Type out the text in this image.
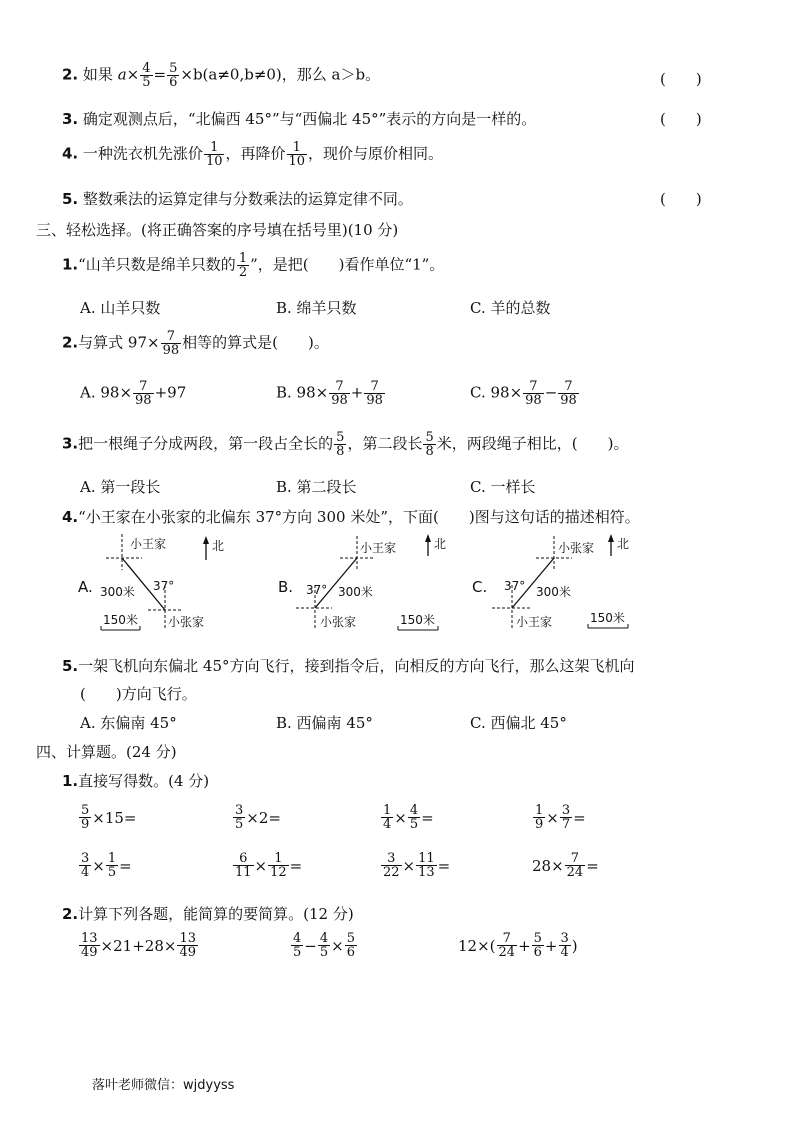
2. 如果 $a\times \frac{4}{5} = \frac{5}{6} \times b(a\ne 0,b\ne 0)$，那么 a＞b。	(　　)
3. 确定观测点后，“北偏西 45°”与“西偏北 45°”表示的方向是一样的。	(　　)
4. 一种洗衣机先涨价 $\frac{1}{10}$ ，再降价 $\frac{1}{10}$ ，现价与原价相同。
5. 整数乘法的运算定律与分数乘法的运算定律不同。	(　　)
三、轻松选择。(将正确答案的序号填在括号里)(10 分)
1.“山羊只数是绵羊只数的 $\frac{1}{2}$ ”，是把(　　)看作单位“1”。
A. 山羊只数	B. 绵羊只数	C. 羊的总数
2.与算式 $97\times \frac{7}{98}$ 相等的算式是(　　)。
A. $98\times \frac{7}{98} +97$	B. $98\times \frac{7}{98} + \frac{7}{98}$	C. $98\times \frac{7}{98} - \frac{7}{98}$
3.把一根绳子分成两段，第一段占全长的 $\frac{5}{8}$ ，第二段长 $\frac{5}{8}$ 米，两段绳子相比，(　　)。
A. 第一段长	B. 第二段长	C. 一样长
4.“小王家在小张家的北偏东 37°方向 300 米处”，下面(　　)图与这句话的描述相符。
A.
小王家
37°
300米
小张家
北
150米
B.
小王家
37° 300米
小张家
北
150米
C.
小张家
37° 300米
小王家
北
150米
5.一架飞机向东偏北 45°方向飞行，接到指令后，向相反的方向飞行，那么这架飞机向
(　　)方向飞行。
A. 东偏南 45°	B. 西偏南 45°	C. 西偏北 45°
四、计算题。(24 分)
1.直接写得数。(4 分)
$\frac{5}{9} \times 15=$	$\frac{3}{5} \times 2=$	$\frac{1}{4} \times \frac{4}{5}$ =	$\frac{1}{9} \times \frac{3}{7}$ =
$\frac{3}{4} \times \frac{1}{5}$ =	$\frac{6}{11} \times \frac{1}{12}$ =	$\frac{3}{22} \times \frac{11}{13}$ =	$28\times \frac{7}{24}$ =
2.计算下列各题，能简算的要简算。(12 分)
$\frac{13}{49} \times 21+28\times \frac{13}{49}$	$\frac{4}{5} - \frac{4}{5} \times \frac{5}{6}$	$12\times( \frac{7}{24} + \frac{5}{6} + \frac{3}{4}$ )
落叶老师微信：wjdyyss
